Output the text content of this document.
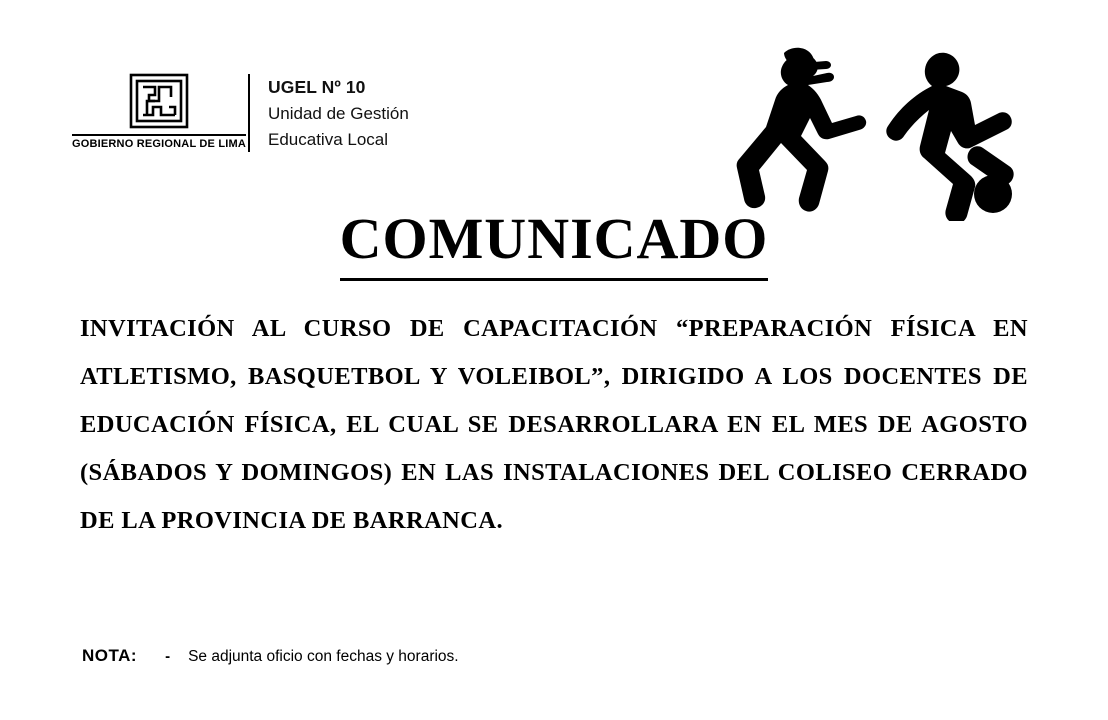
GOBIERNO REGIONAL DE LIMA
UGEL Nº 10
Unidad de Gestión
Educativa Local
COMUNICADO
INVITACIÓN AL CURSO DE CAPACITACIÓN “PREPARACIÓN FÍSICA EN ATLETISMO, BASQUETBOL Y VOLEIBOL”, DIRIGIDO A LOS DOCENTES DE EDUCACIÓN FÍSICA, EL CUAL SE DESARROLLARA EN EL MES DE AGOSTO (SÁBADOS Y DOMINGOS) EN LAS INSTALACIONES DEL COLISEO CERRADO DE LA PROVINCIA DE BARRANCA.
NOTA: - Se adjunta oficio con fechas y horarios.
